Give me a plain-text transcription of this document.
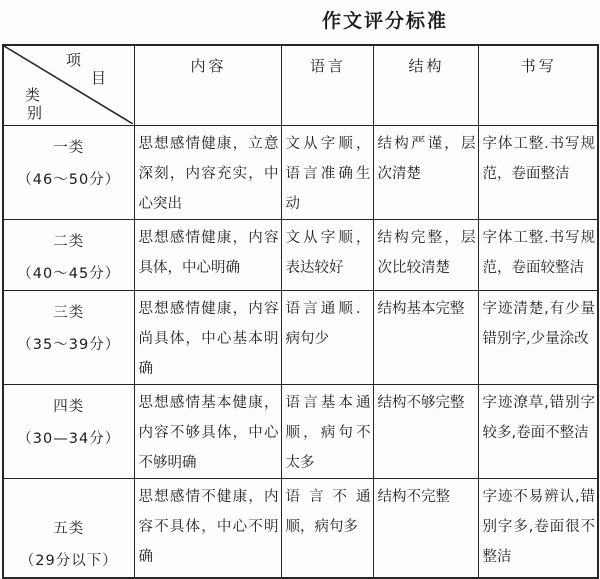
作文评分标准
项
目
类
别	内容	语言	结构	书写

一类
（46～50分）	思想感情健康，立意深刻，内容充实，中心突出	文从字顺，语言准确生动	结构严谨，层次清楚	字体工整.书写规范，卷面整洁

二类
（40～45分）	思想感情健康，内容具体，中心明确	文从字顺，表达较好	结构完整，层次比较清楚	字体工整.书写规范，卷面较整洁

三类
（35～39分）	思想感情健康，内容尚具体，中心基本明确	语言通顺．病句少	结构基本完整	字迹清楚,有少量错别字,少量涂改

四类
（30—34分）	思想感情基本健康，内容不够具体，中心不够明确	语言基本通顺，病句不太多	结构不够完整	字迹潦草,错别字较多,卷面不整洁

五类
（29分以下）	思想感情不健康，内容不具体，中心不明确	语言不通顺，病句多	结构不完整	字迹不易辨认,错别字多,卷面很不整洁
